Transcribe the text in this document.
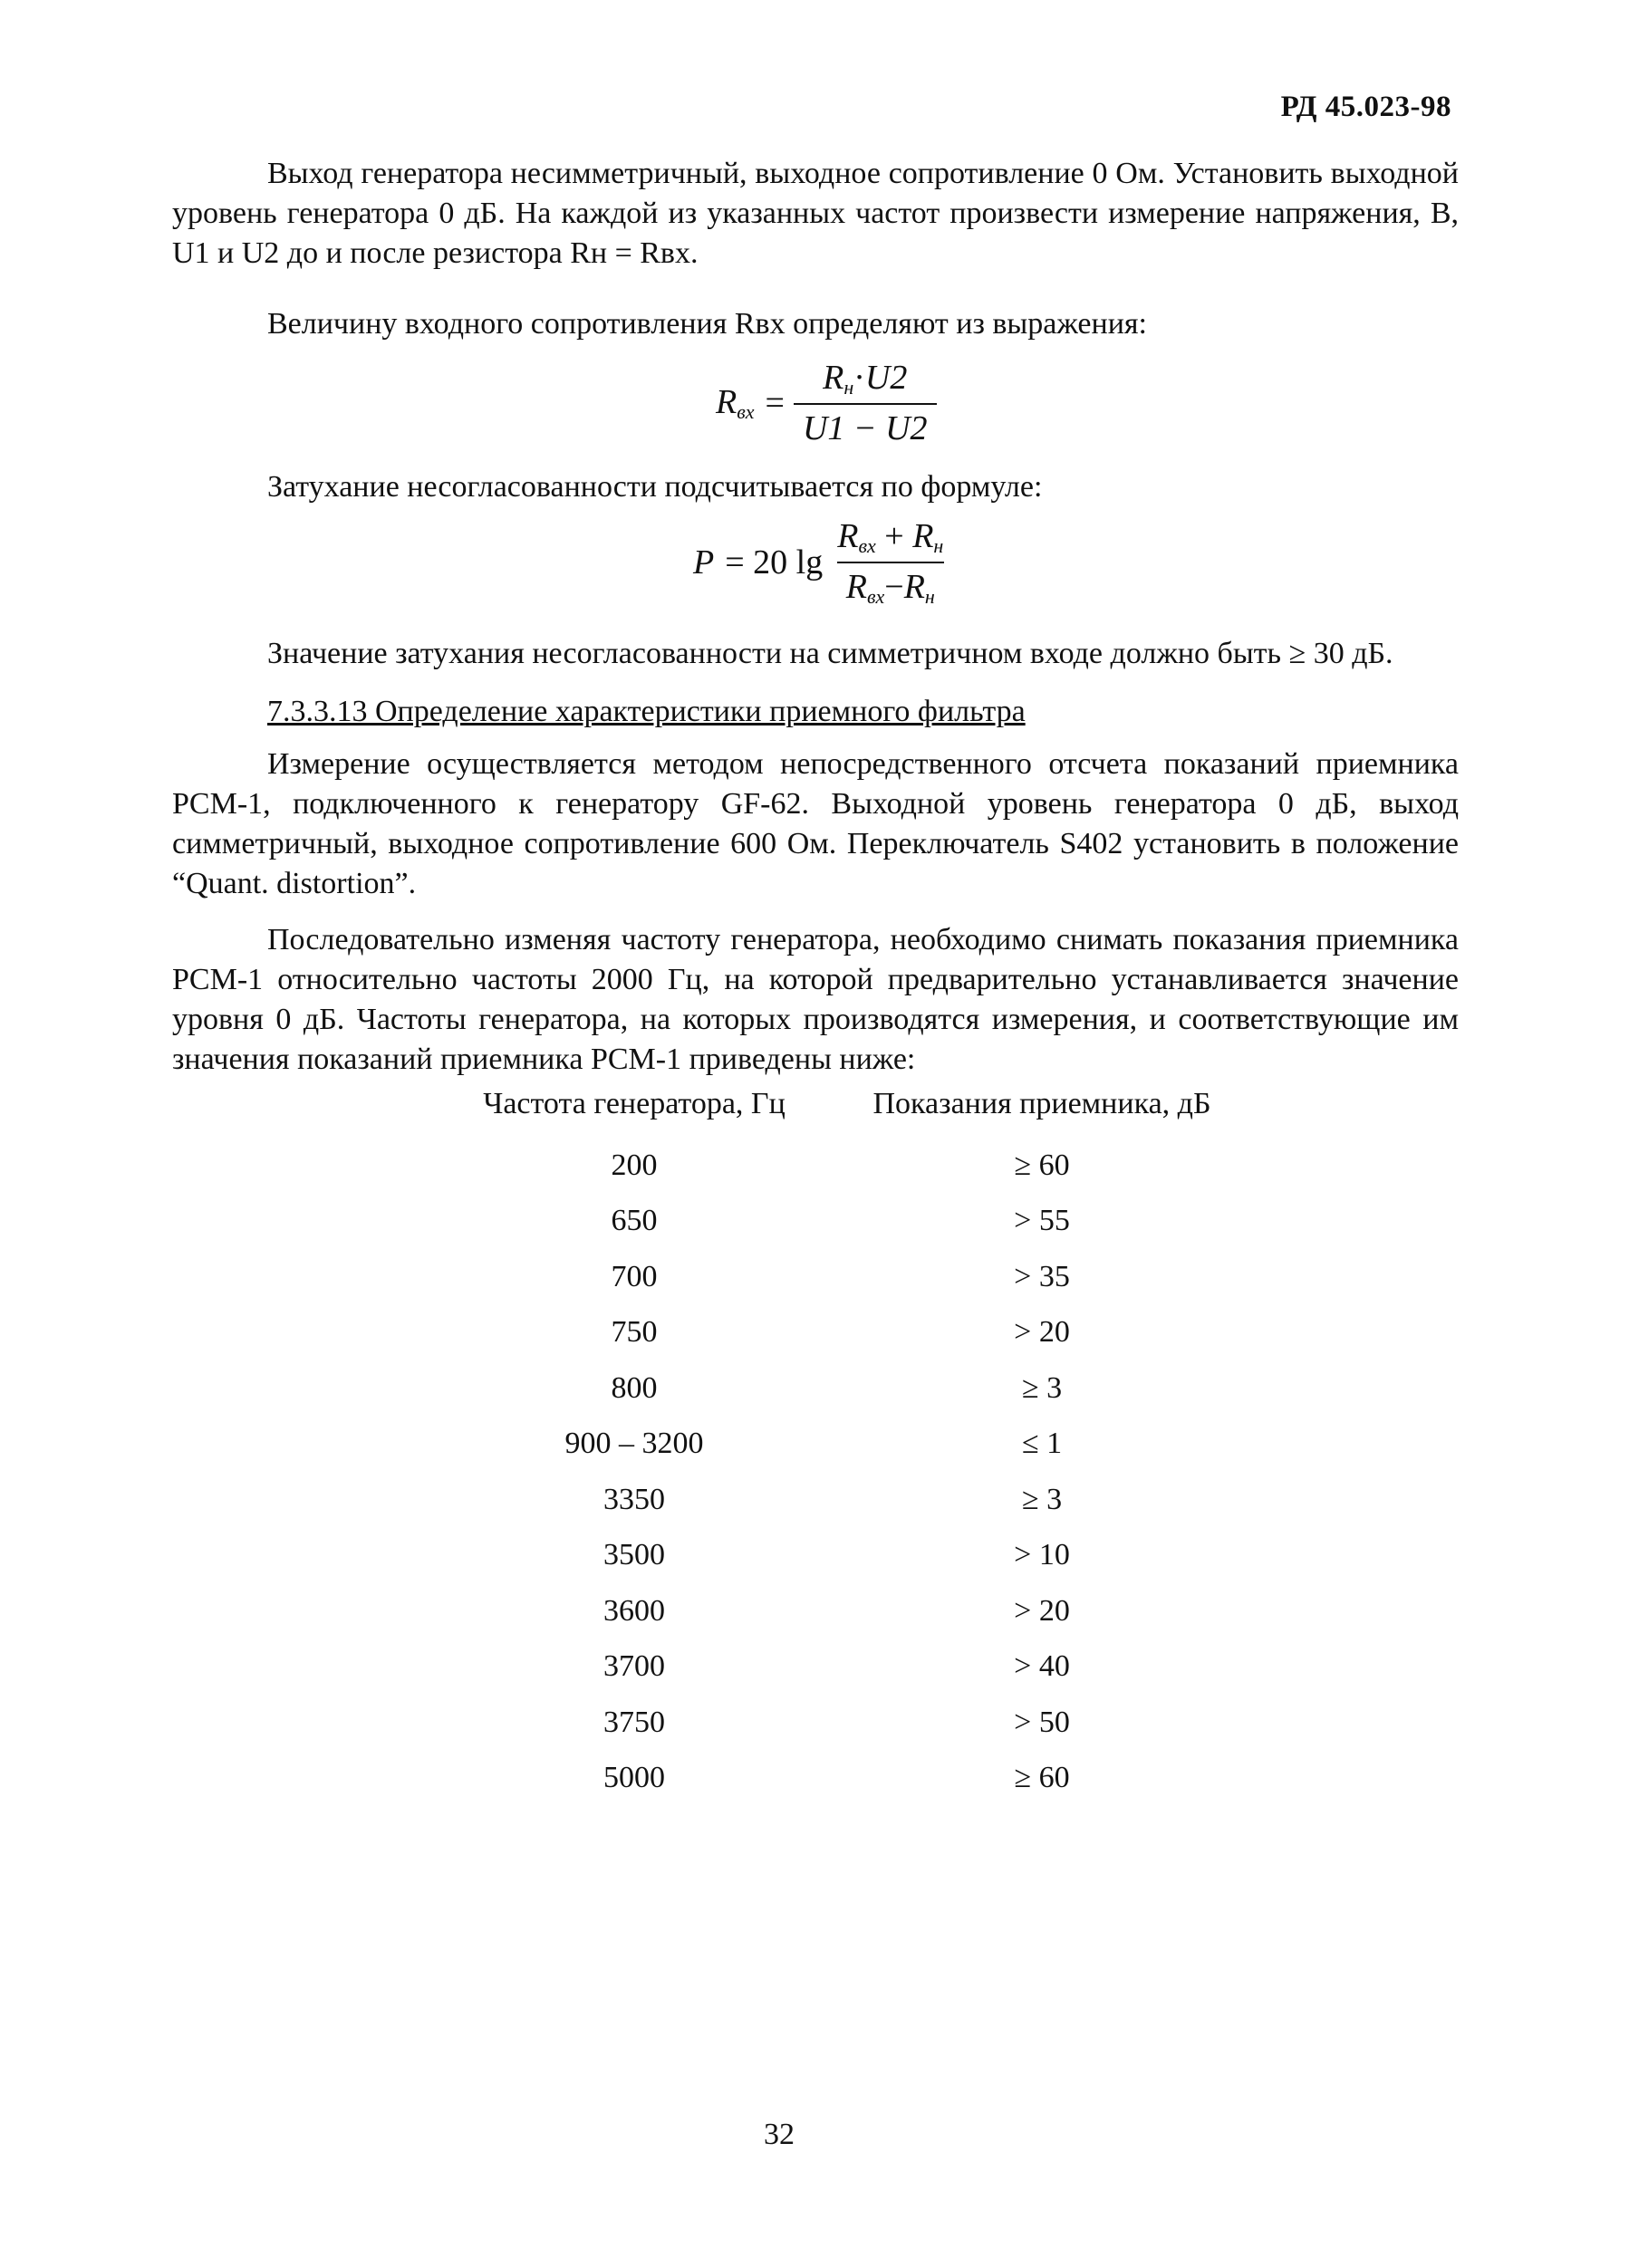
РД 45.023-98

Выход генератора несимметричный, выходное сопротивление 0 Ом. Установить выходной уровень генератора 0 дБ. На каждой из указанных частот произвести измерение напряжения, В, U1 и U2 до и после резистора Rн = Rвх.

Величину входного сопротивления Rвх определяют из выражения:
$R_{вх} = \frac{R_н\cdot U2}{U1 - U2}$
Затухание несогласованности подсчитывается по формуле:
P = 20 $\lg \frac{R_{вх} + R_н}{R_{вх}-R_н}$
Значение затухания несогласованности на симметричном входе должно быть ≥ 30 дБ.
7.3.3.13 Определение характеристики приемного фильтра

Измерение осуществляется методом непосредственного отсчета показаний приемника PCM-1, подключенного к генератору GF-62. Выходной уровень генератора 0 дБ, выход симметричный, выходное сопротивление 600 Ом. Переключатель S402 установить в положение “Quant. distortion”.

Последовательно изменяя частоту генератора, необходимо снимать показания приемника PCM-1 относительно частоты 2000 Гц, на которой предварительно устанавливается значение уровня 0 дБ. Частоты генератора, на которых производятся измерения, и соответствующие им значения показаний приемника PCM-1 приведены ниже:

Частота генератора, Гц	Показания приемника, дБ
200	≥ 60
650	> 55
700	> 35
750	> 20
800	≥ 3
900 – 3200	≤ 1
3350	≥ 3
3500	> 10
3600	> 20
3700	> 40
3750	> 50
5000	≥ 60
32
